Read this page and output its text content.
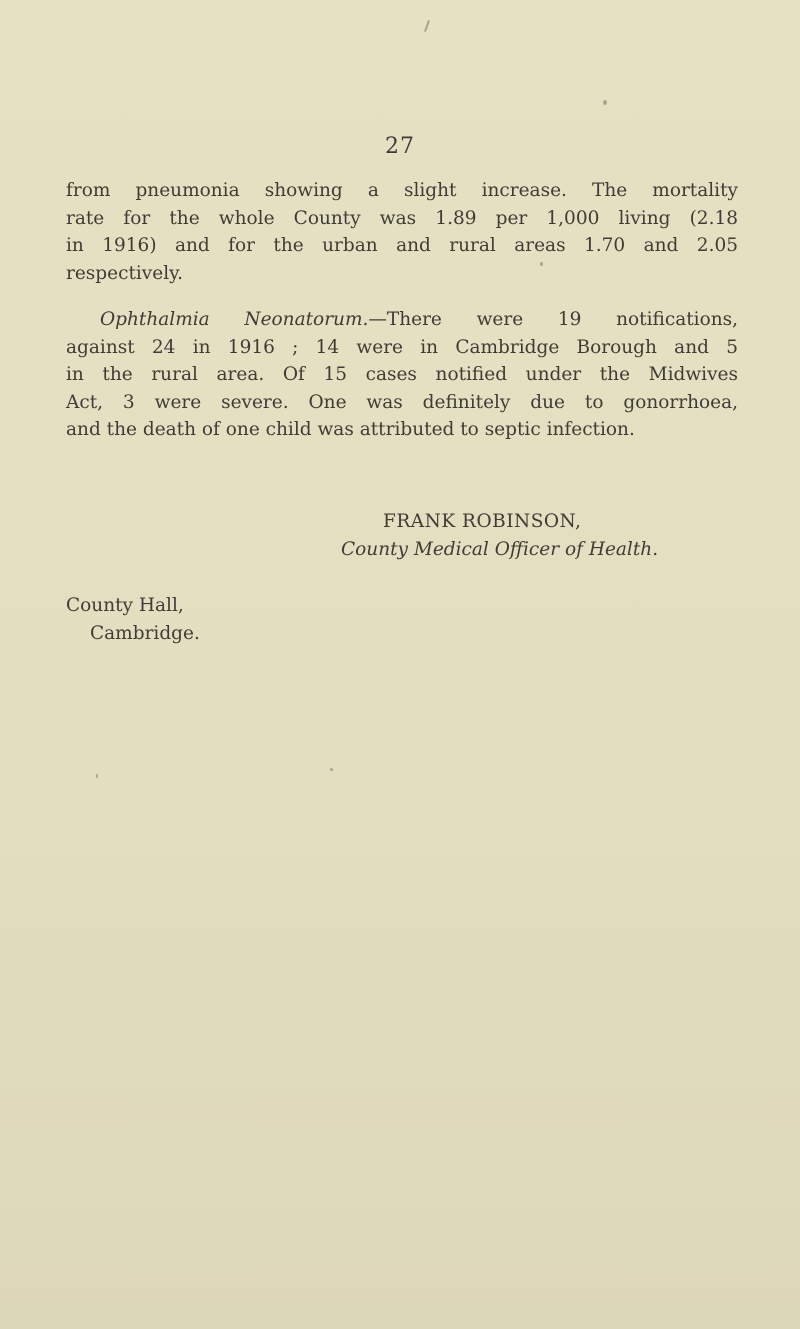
27
from pneumonia showing a slight increase. The mortality
rate for the whole County was 1.89 per 1,000 living (2.18
in 1916) and for the urban and rural areas 1.70 and 2.05
respectively.
Ophthalmia Neonatorum.—There were 19 notifications,
against 24 in 1916 ; 14 were in Cambridge Borough and 5
in the rural area. Of 15 cases notified under the Midwives
Act, 3 were severe. One was definitely due to gonorrhoea,
and the death of one child was attributed to septic infection.
FRANK ROBINSON,
County Medical Officer of Health.
County Hall,
Cambridge.
